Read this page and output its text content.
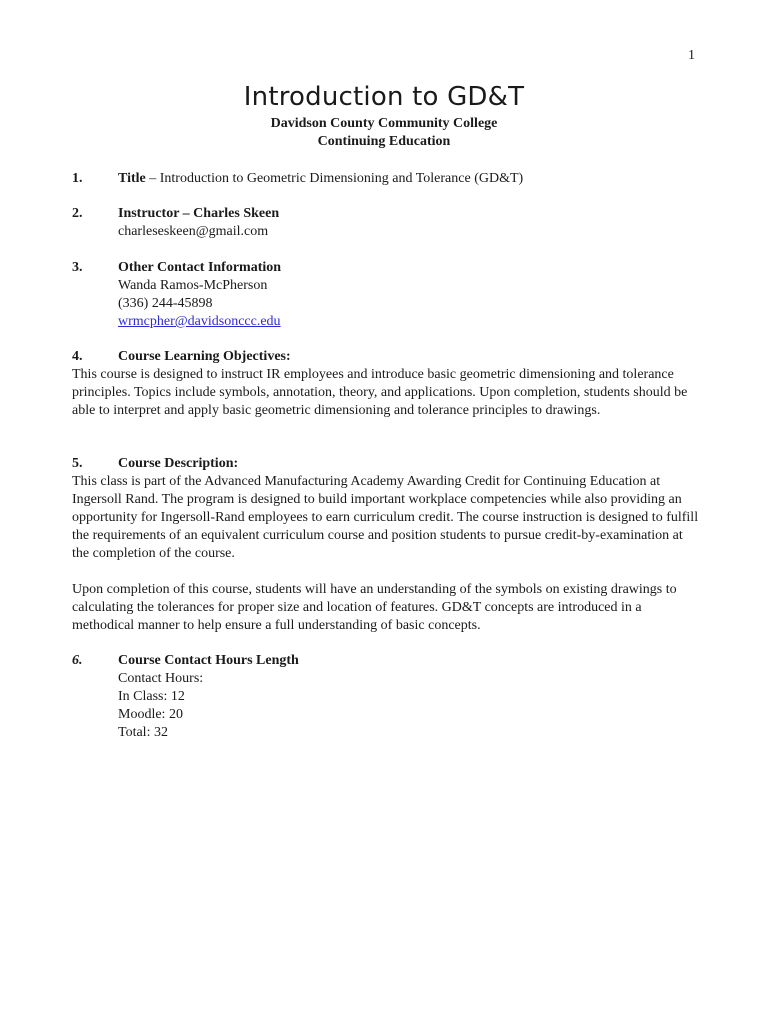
1
Introduction to GD&T
Davidson County Community College
Continuing Education
1.	Title – Introduction to Geometric Dimensioning and Tolerance (GD&T)
2.	Instructor – Charles Skeen
charleseskeen@gmail.com
3.	Other Contact Information
Wanda Ramos-McPherson
(336) 244-45898
wrmcpher@davidsonccc.edu
4.	Course Learning Objectives:
This course is designed to instruct IR employees and introduce basic geometric dimensioning and tolerance principles. Topics include symbols, annotation, theory, and applications. Upon completion, students should be able to interpret and apply basic geometric dimensioning and tolerance principles to drawings.
5.	Course Description:
This class is part of the Advanced Manufacturing Academy Awarding Credit for Continuing Education at Ingersoll Rand. The program is designed to build important workplace competencies while also providing an opportunity for Ingersoll-Rand employees to earn curriculum credit. The course instruction is designed to fulfill the requirements of an equivalent curriculum course and position students to pursue credit-by-examination at the completion of the course.
Upon completion of this course, students will have an understanding of the symbols on existing drawings to calculating the tolerances for proper size and location of features. GD&T concepts are introduced in a methodical manner to help ensure a full understanding of basic concepts.
6.	Course Contact Hours Length
Contact Hours:
In Class: 12
Moodle: 20
Total: 32
